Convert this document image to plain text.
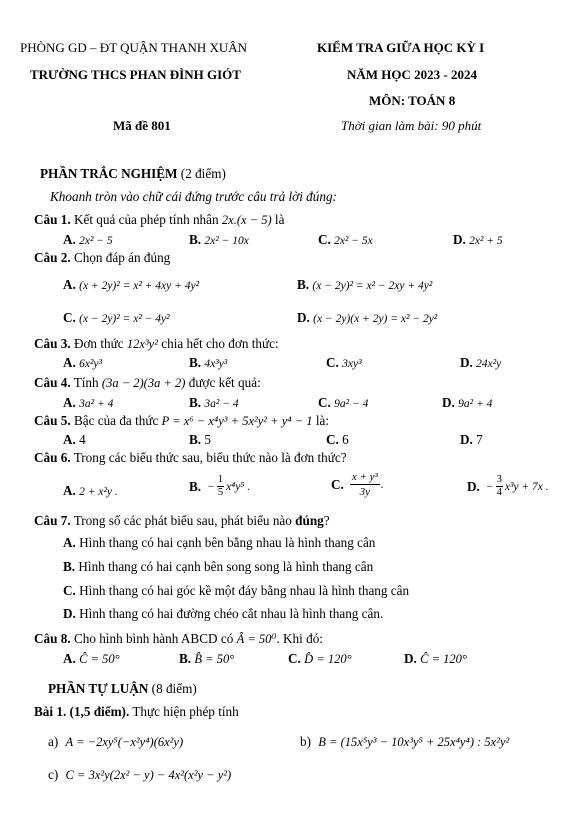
PHÒNG GD – ĐT QUẬN THANH XUÂN
TRƯỜNG THCS PHAN ĐÌNH GIÓT
Mã đề 801
KIỂM TRA GIỮA HỌC KỲ I
NĂM HỌC 2023 - 2024
MÔN: TOÁN 8
Thời gian làm bài: 90 phút
PHẦN TRẮC NGHIỆM (2 điểm)
Khoanh tròn vào chữ cái đứng trước câu trả lời đúng:
Câu 1. Kết quả của phép tính nhân 2x.(x − 5) là
A. 2x² − 5	B. 2x² − 10x	C. 2x² − 5x	D. 2x² + 5
Câu 2. Chọn đáp án đúng
A. (x + 2y)² = x² + 4xy + 4y²	B. (x − 2y)² = x² − 2xy + 4y²
C. (x − 2y)² = x² − 4y²	D. (x − 2y)(x + 2y) = x² − 2y²
Câu 3. Đơn thức 12x³y² chia hết cho đơn thức:
A. 6x²y³	B. 4x³y³	C. 3xy³	D. 24x²y
Câu 4. Tính (3a − 2)(3a + 2) được kết quả:
A. 3a² + 4	B. 3a² − 4	C. 9a² − 4	D. 9a² + 4
Câu 5. Bậc của đa thức P = x⁶ − x⁴y³ + 5x²y² + y⁴ − 1 là:
A. 4	B. 5	C. 6	D. 7
Câu 6. Trong các biểu thức sau, biểu thức nào là đơn thức?
A. 2 + x²y .	B. − $\frac{1}{5} x^4y^5$ .	C. x + y³
3y
.	D. − $\frac{3}{4} x^3y + 7x$ .
Câu 7. Trong số các phát biểu sau, phát biểu nào đúng?
A. Hình thang có hai cạnh bên bằng nhau là hình thang cân
B. Hình thang có hai cạnh bên song song là hình thang cân
C. Hình thang có hai góc kề một đáy bằng nhau là hình thang cân
D. Hình thang có hai đường chéo cắt nhau là hình thang cân.
Câu 8. Cho hình bình hành ABCD có Â = 50⁰. Khi đó:
A. Ĉ = 50°	B. B̂ = 50°	C. D̂ = 120°	D. Ĉ = 120°
PHẦN TỰ LUẬN (8 điểm)
Bài 1. (1,5 điểm). Thực hiện phép tính
a) A = −2xy⁵(−x²y⁴)(6x²y)	b) B = (15x⁵y³ − 10x³y⁵ + 25x⁴y⁴) : 5x²y²
c) C = 3x²y(2x² − y) − 4x²(x²y − y²)
